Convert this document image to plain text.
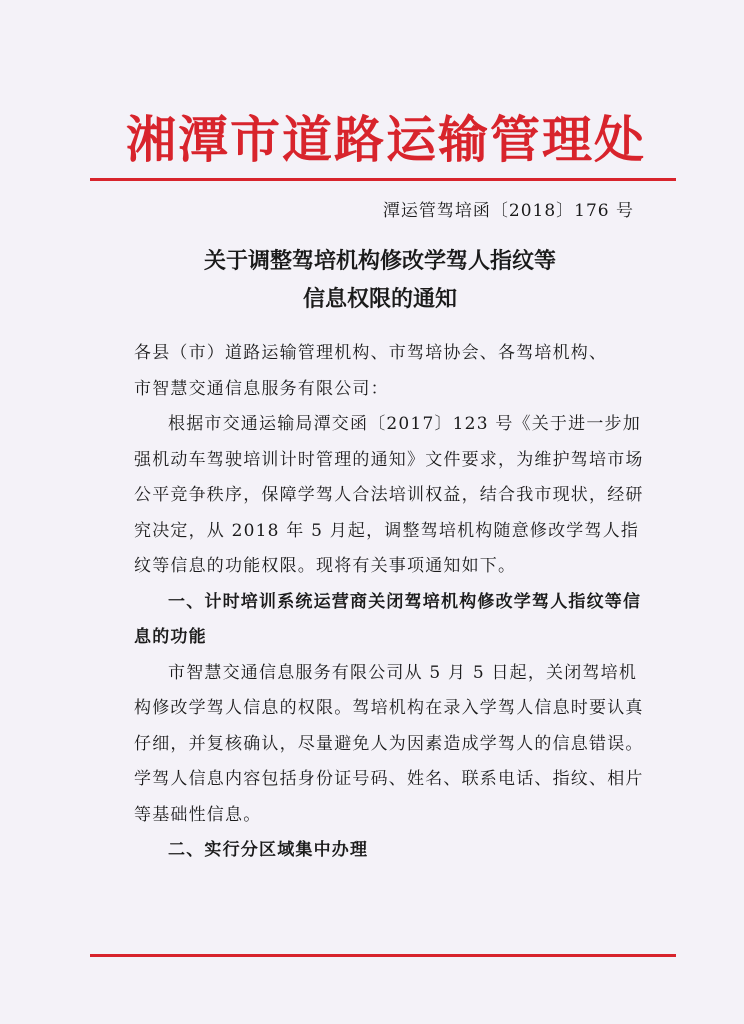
湘潭市道路运输管理处
潭运管驾培函〔2018〕176 号
关于调整驾培机构修改学驾人指纹等
信息权限的通知

各县（市）道路运输管理机构、市驾培协会、各驾培机构、

市智慧交通信息服务有限公司：

根据市交通运输局潭交函〔2017〕123 号《关于进一步加强机动车驾驶培训计时管理的通知》文件要求，为维护驾培市场公平竞争秩序，保障学驾人合法培训权益，结合我市现状，经研究决定，从 2018 年 5 月起，调整驾培机构随意修改学驾人指纹等信息的功能权限。现将有关事项通知如下。

一、计时培训系统运营商关闭驾培机构修改学驾人指纹等信息的功能

市智慧交通信息服务有限公司从 5 月 5 日起，关闭驾培机构修改学驾人信息的权限。驾培机构在录入学驾人信息时要认真仔细，并复核确认，尽量避免人为因素造成学驾人的信息错误。学驾人信息内容包括身份证号码、姓名、联系电话、指纹、相片等基础性信息。

二、实行分区域集中办理
